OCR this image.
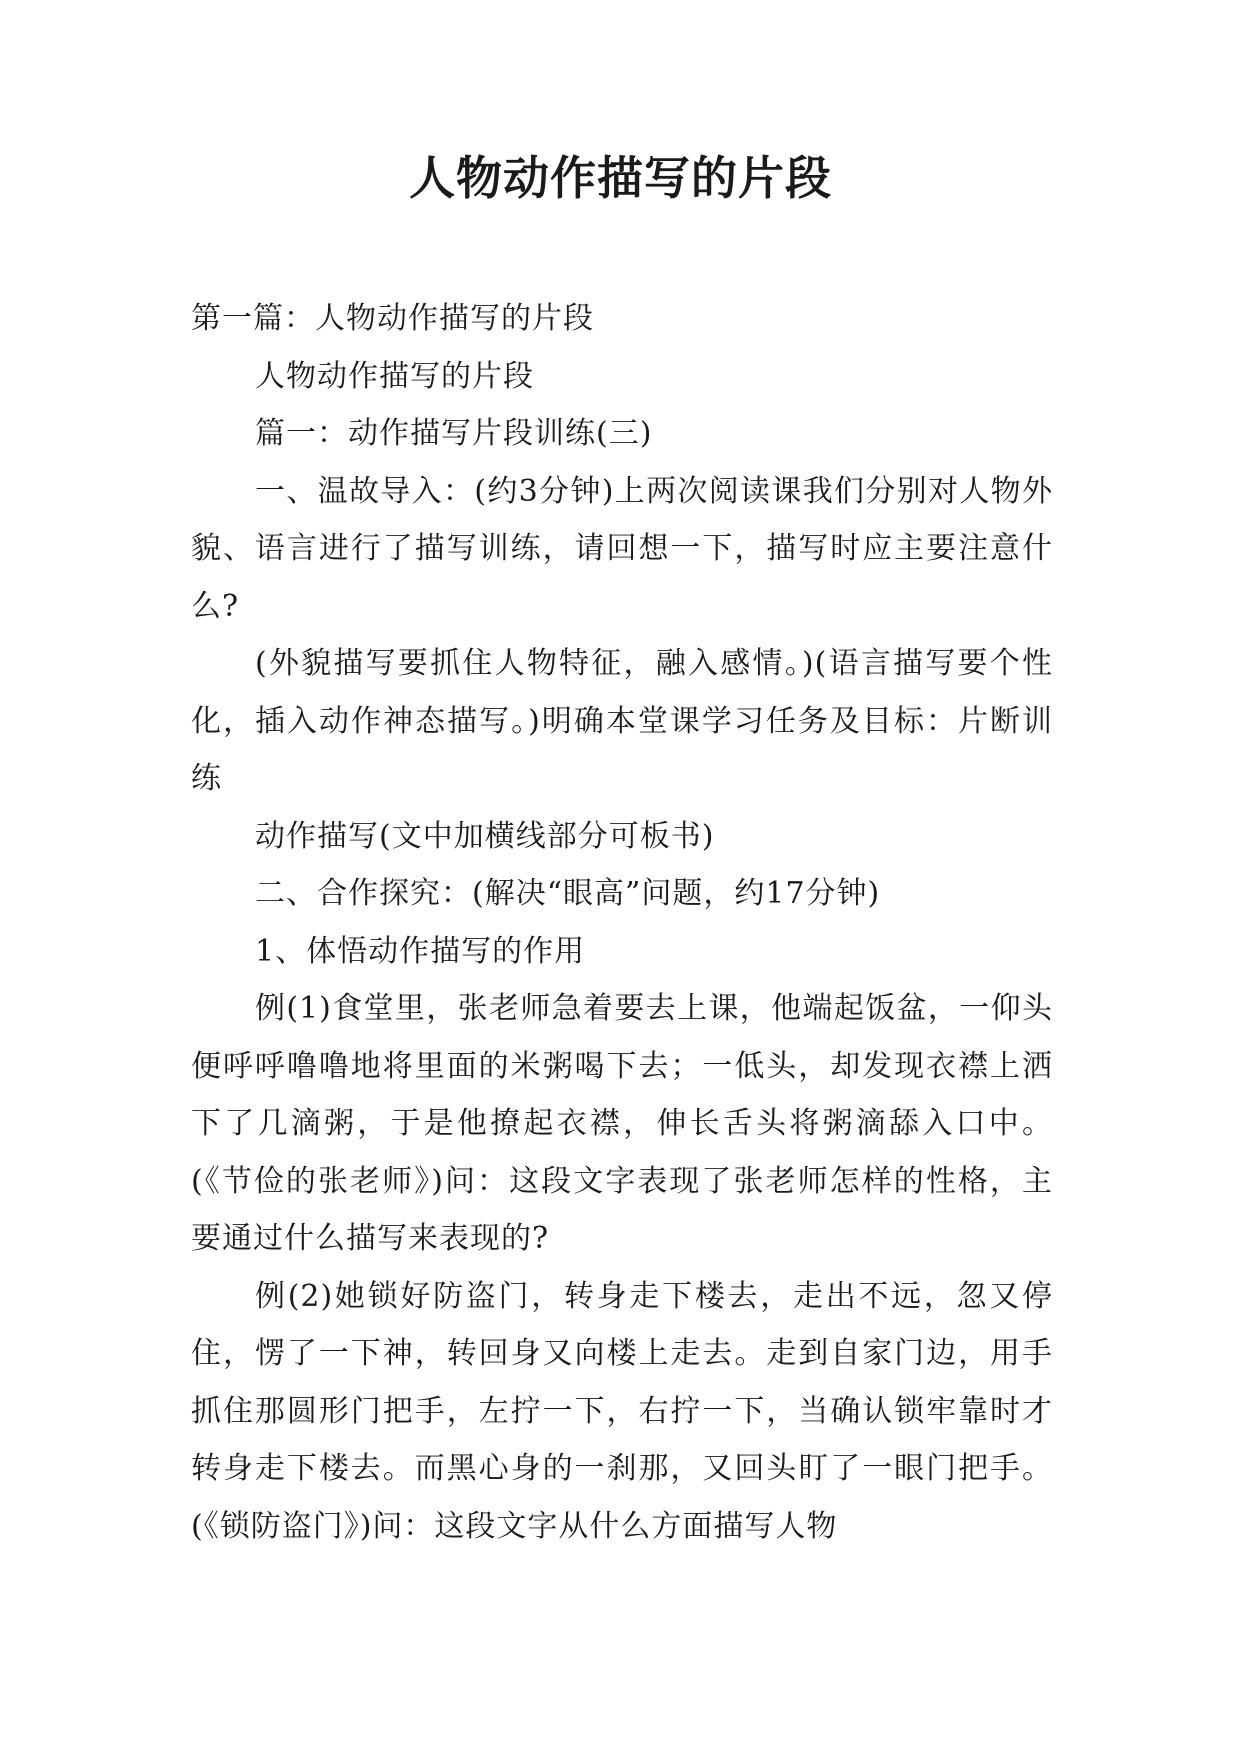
人物动作描写的片段

第一篇：人物动作描写的片段

人物动作描写的片段

篇一：动作描写片段训练(三)

一、温故导入：(约3分钟)上两次阅读课我们分别对人物外貌、语言进行了描写训练，请回想一下，描写时应主要注意什么?

(外貌描写要抓住人物特征，融入感情。)(语言描写要个性化，插入动作神态描写。)明确本堂课学习任务及目标：片断训练

动作描写(文中加横线部分可板书)

二、合作探究：(解决“眼高”问题，约17分钟)

1、体悟动作描写的作用

例(1)食堂里，张老师急着要去上课，他端起饭盆，一仰头便呼呼噜噜地将里面的米粥喝下去；一低头，却发现衣襟上洒下了几滴粥，于是他撩起衣襟，伸长舌头将粥滴舔入口中。(《节俭的张老师》)问：这段文字表现了张老师怎样的性格，主要通过什么描写来表现的?

例(2)她锁好防盗门，转身走下楼去，走出不远，忽又停住，愣了一下神，转回身又向楼上走去。走到自家门边，用手抓住那圆形门把手，左拧一下，右拧一下，当确认锁牢靠时才转身走下楼去。而黑心身的一刹那，又回头盯了一眼门把手。(《锁防盗门》)问：这段文字从什么方面描写人物
